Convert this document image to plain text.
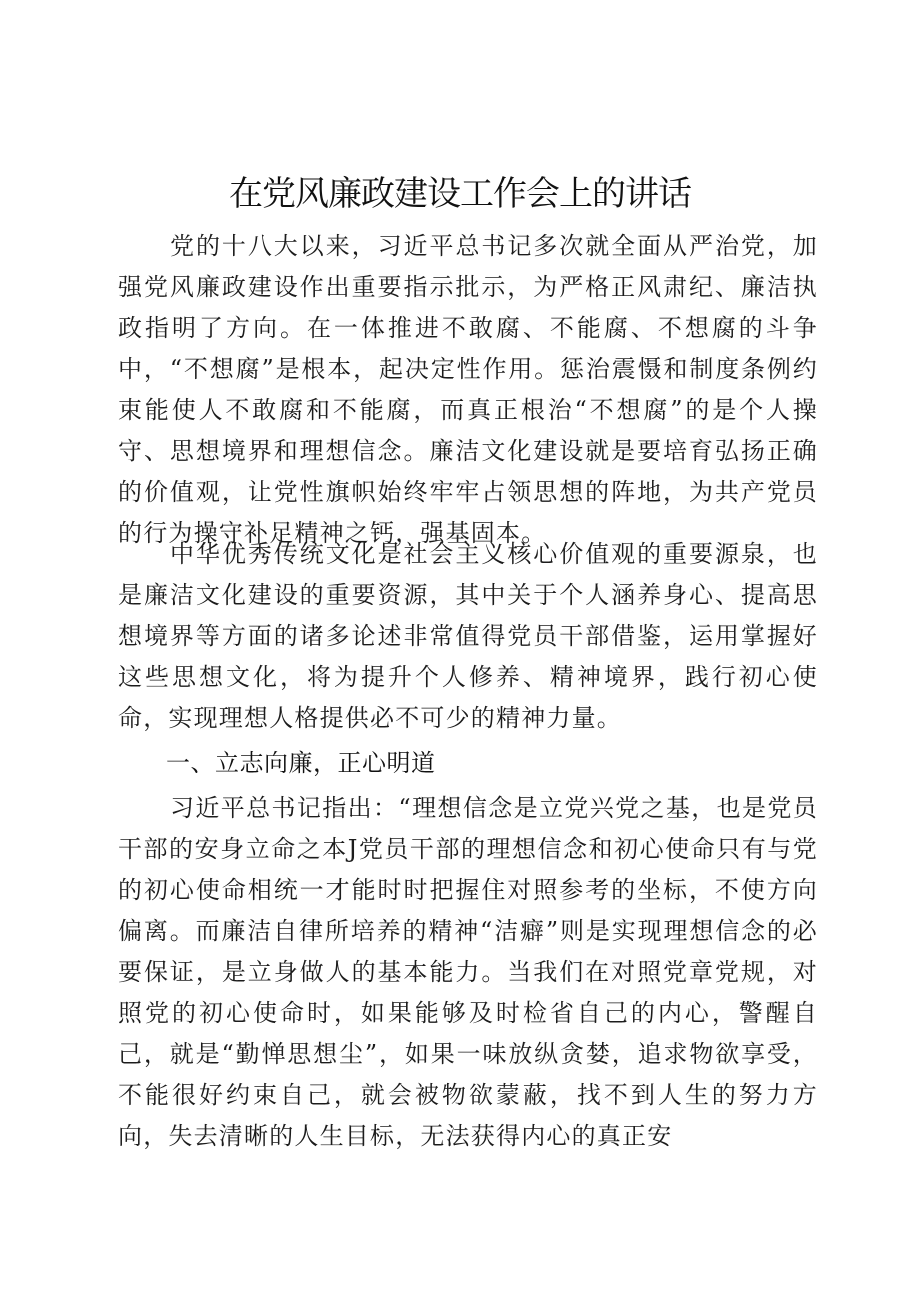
在党风廉政建设工作会上的讲话

党的十八大以来，习近平总书记多次就全面从严治党，加强党风廉政建设作出重要指示批示，为严格正风肃纪、廉洁执政指明了方向。在一体推进不敢腐、不能腐、不想腐的斗争中，“不想腐”是根本，起决定性作用。惩治震慑和制度条例约束能使人不敢腐和不能腐，而真正根治“不想腐”的是个人操守、思想境界和理想信念。廉洁文化建设就是要培育弘扬正确的价值观，让党性旗帜始终牢牢占领思想的阵地，为共产党员的行为操守补足精神之钙，强基固本。

中华优秀传统文化是社会主义核心价值观的重要源泉，也是廉洁文化建设的重要资源，其中关于个人涵养身心、提高思想境界等方面的诸多论述非常值得党员干部借鉴，运用掌握好这些思想文化，将为提升个人修养、精神境界，践行初心使命，实现理想人格提供必不可少的精神力量。

一、立志向廉，正心明道

习近平总书记指出：“理想信念是立党兴党之基，也是党员干部的安身立命之本J党员干部的理想信念和初心使命只有与党的初心使命相统一才能时时把握住对照参考的坐标，不使方向偏离。而廉洁自律所培养的精神“洁癖”则是实现理想信念的必要保证，是立身做人的基本能力。当我们在对照党章党规，对照党的初心使命时，如果能够及时检省自己的内心，警醒自己，就是“勤惮思想尘”，如果一味放纵贪婪，追求物欲享受，不能很好约束自己，就会被物欲蒙蔽，找不到人生的努力方向，失去清晰的人生目标，无法获得内心的真正安
